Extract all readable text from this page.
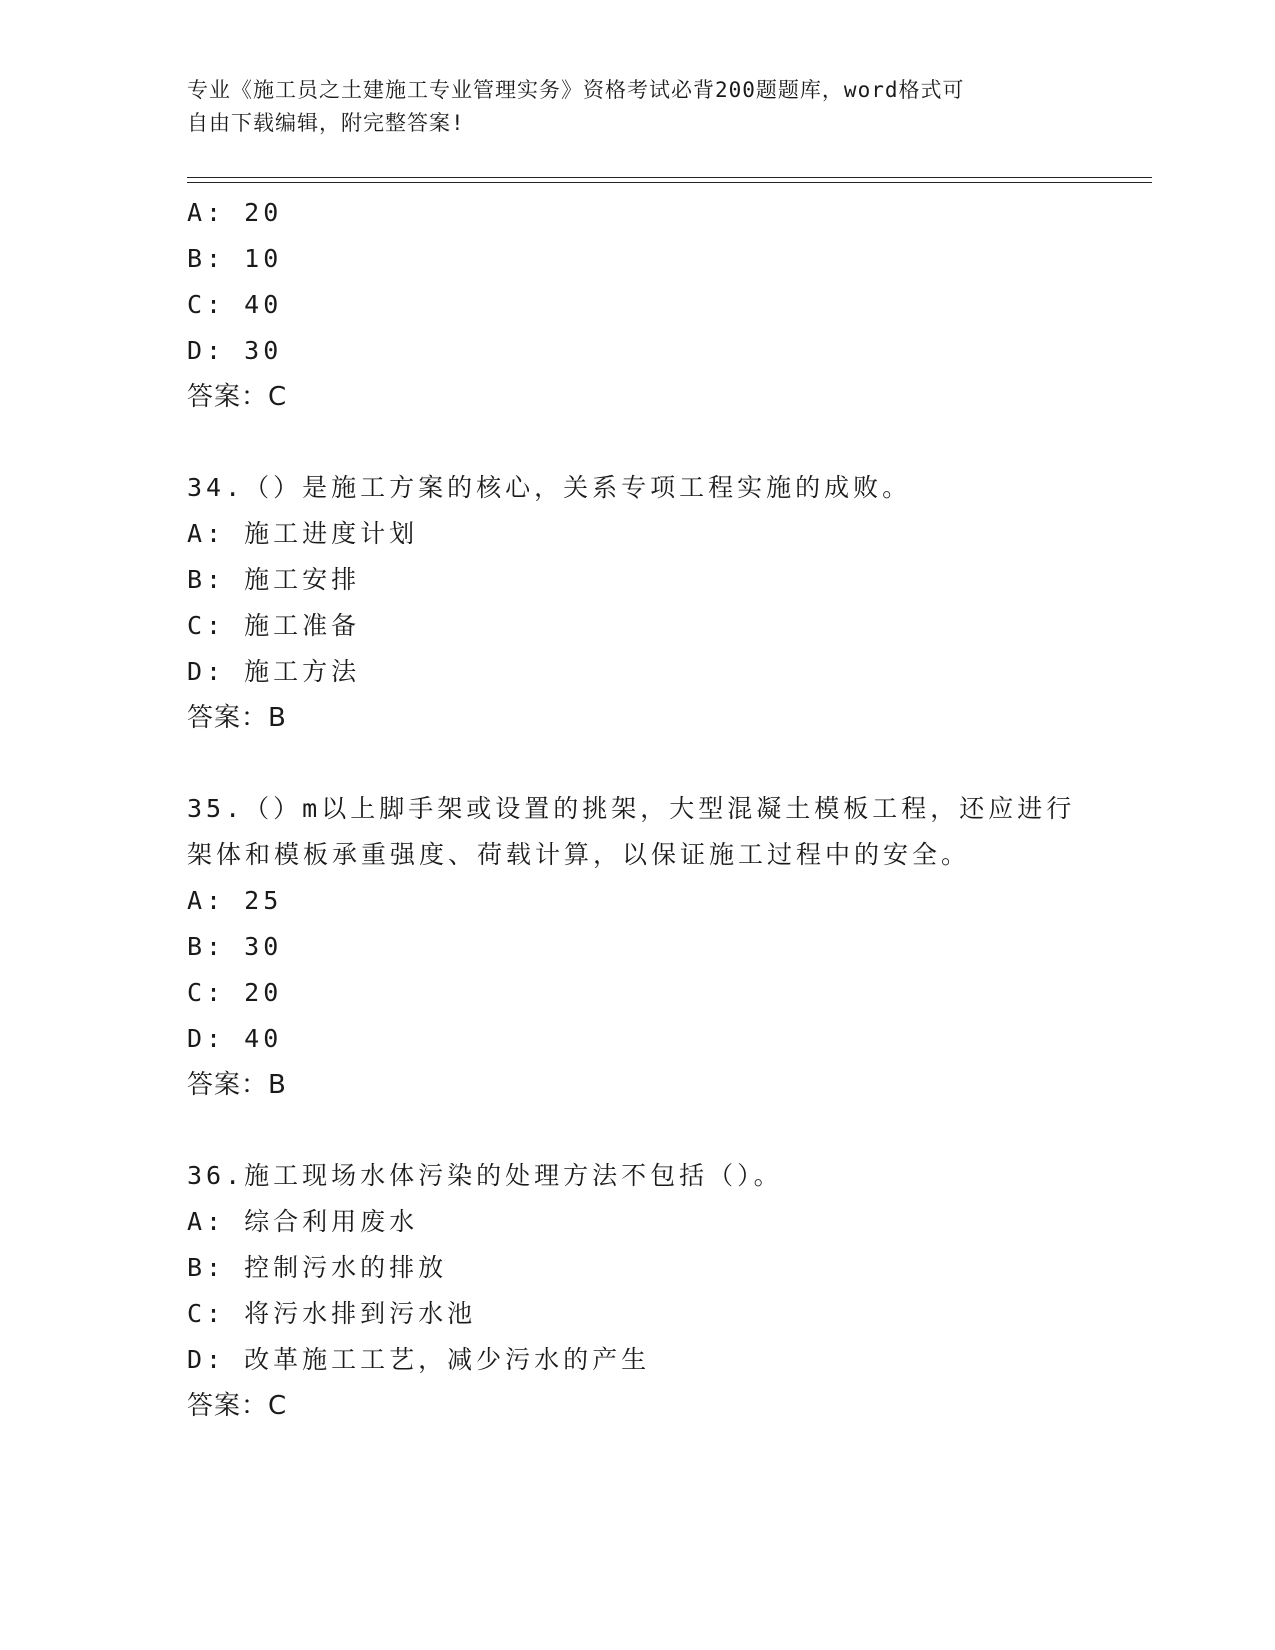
专业《施工员之土建施工专业管理实务》资格考试必背200题题库，word格式可
自由下载编辑，附完整答案!
A: 20
B: 10
C: 40
D: 30
答案：C
34.（）是施工方案的核心，关系专项工程实施的成败。
A: 施工进度计划
B: 施工安排
C: 施工准备
D: 施工方法
答案：B
35.（）m以上脚手架或设置的挑架，大型混凝土模板工程，还应进行
架体和模板承重强度、荷载计算，以保证施工过程中的安全。
A: 25
B: 30
C: 20
D: 40
答案：B
36.施工现场水体污染的处理方法不包括（）。
A: 综合利用废水
B: 控制污水的排放
C: 将污水排到污水池
D: 改革施工工艺，减少污水的产生
答案：C
